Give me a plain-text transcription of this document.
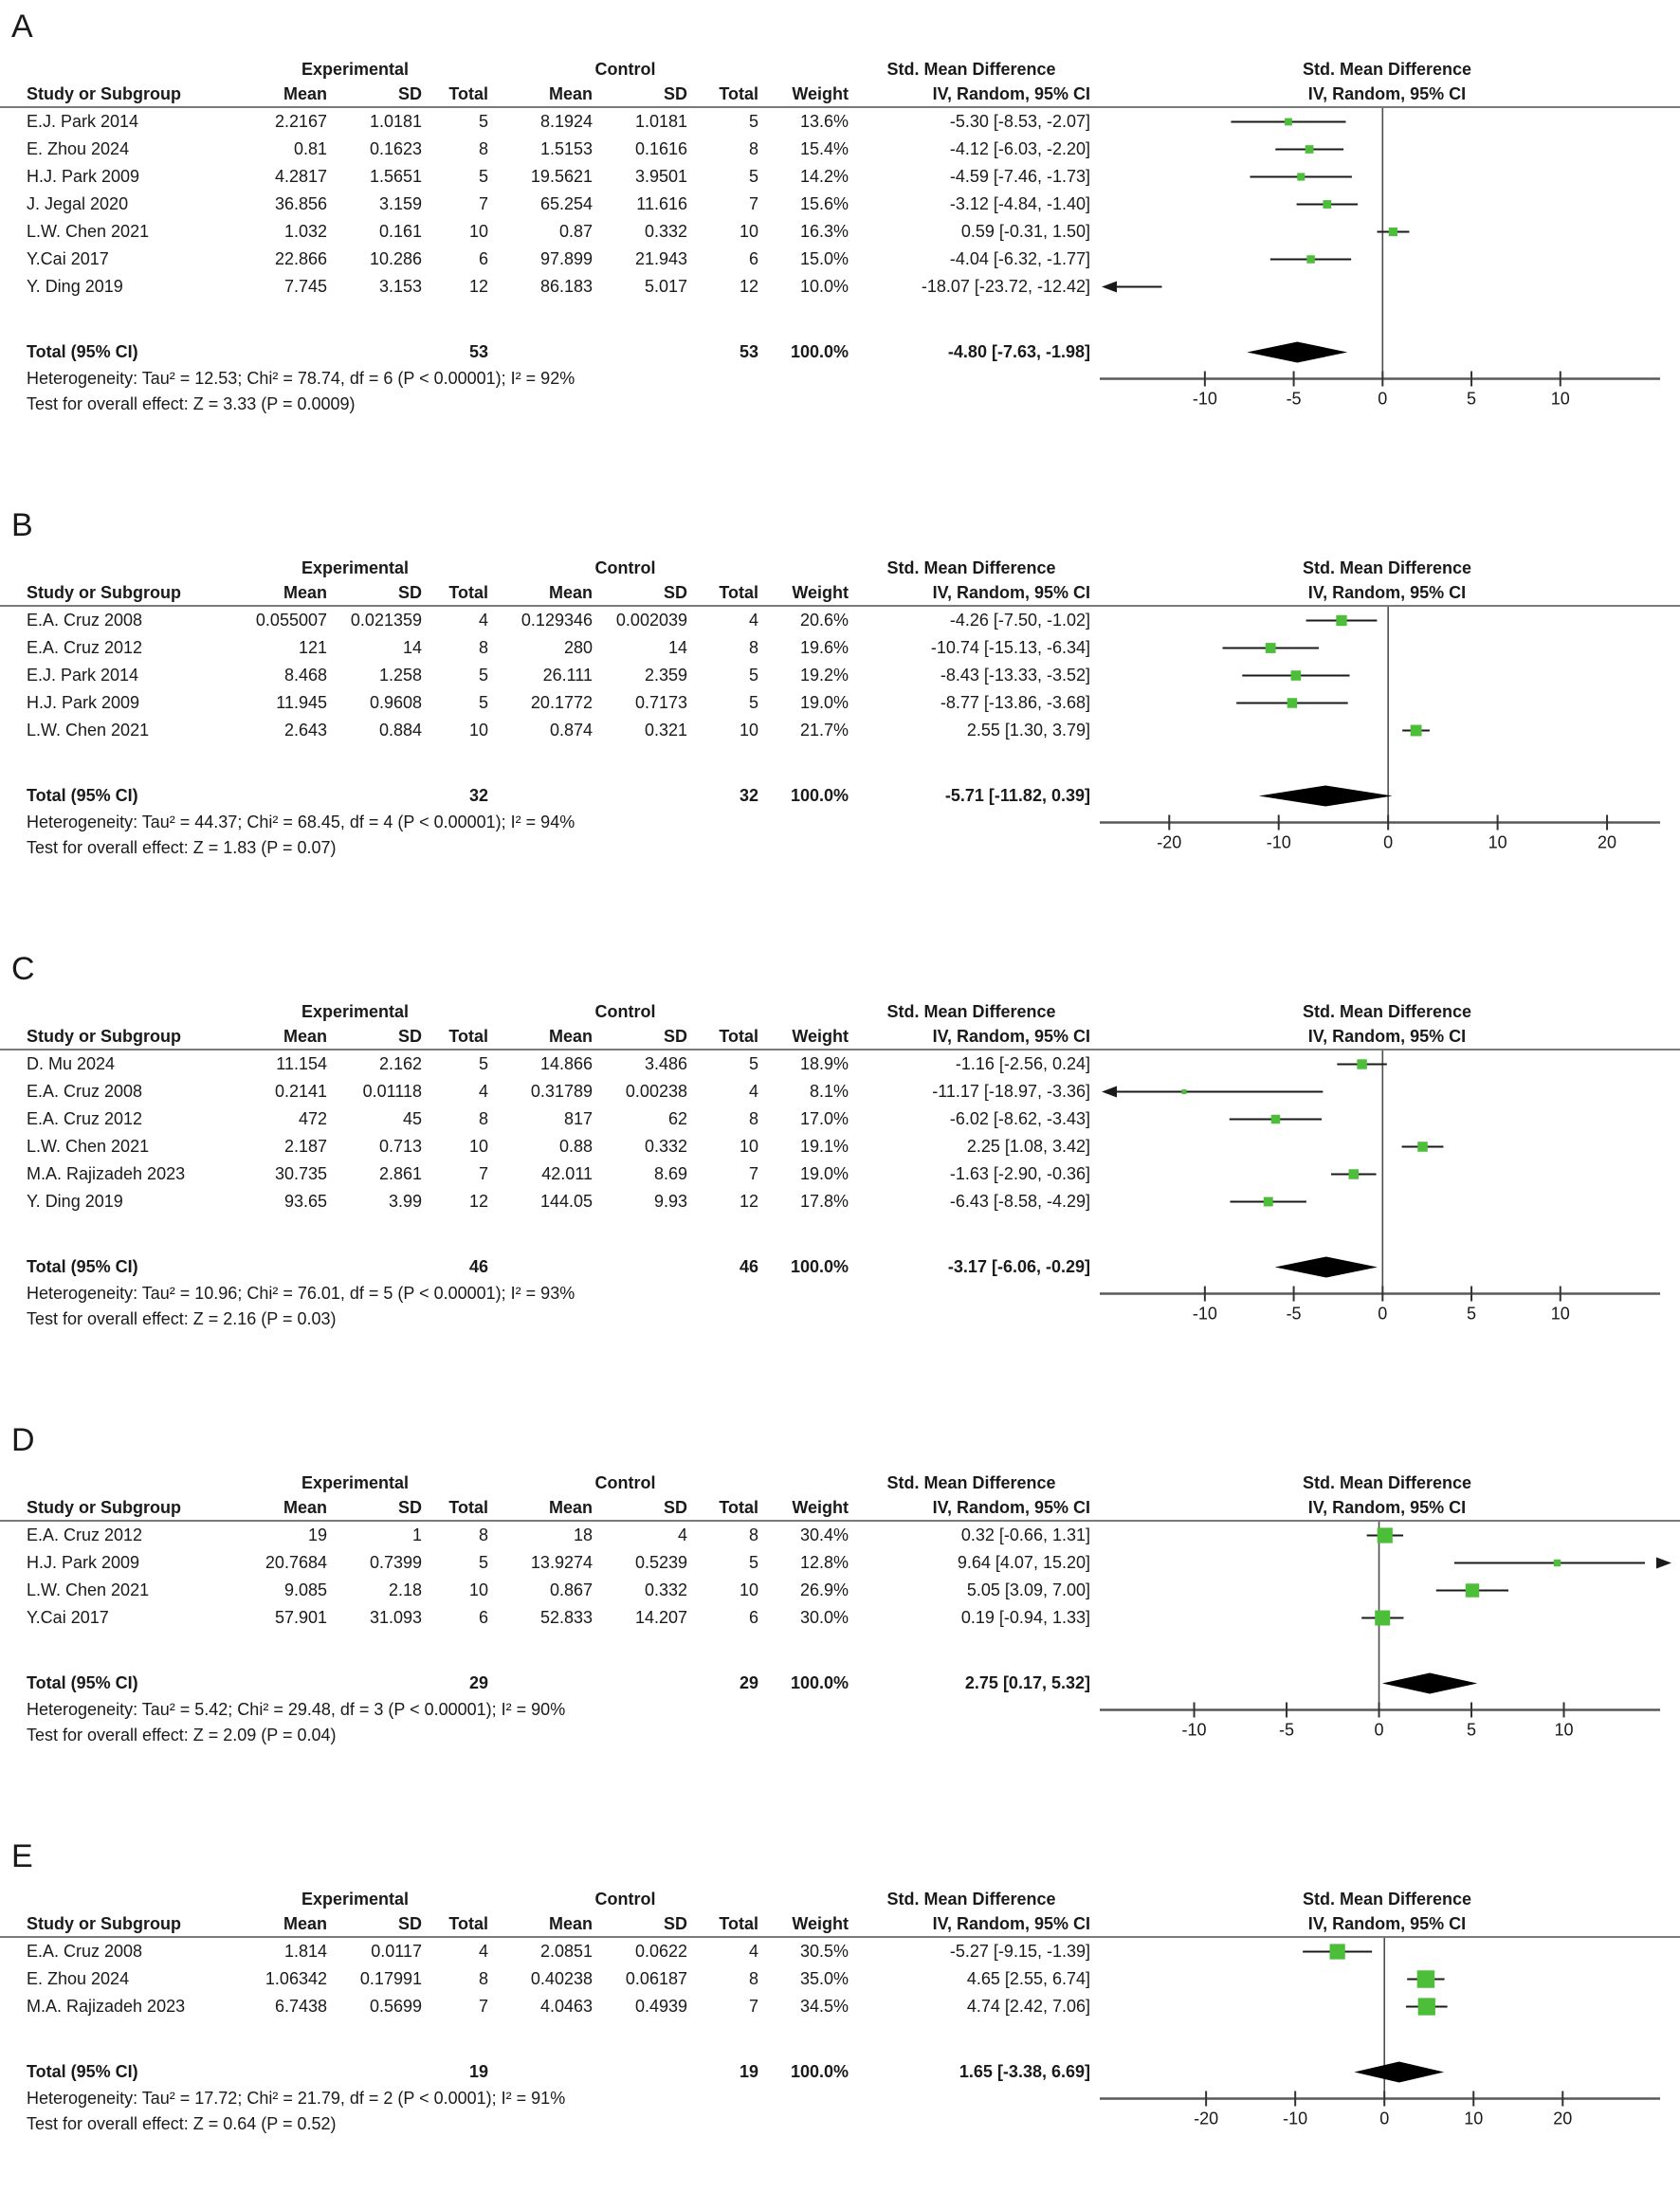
A
Experimental	Control	Std. Mean Difference	Std. Mean Difference
Study or Subgroup	Mean	SD	Total	Mean	SD	Total	Weight	IV, Random, 95% CI	IV, Random, 95% CI
E.J. Park 2014	2.2167	1.0181	5	8.1924	1.0181	5	13.6%	-5.30 [-8.53, -2.07]
E. Zhou 2024	0.81	0.1623	8	1.5153	0.1616	8	15.4%	-4.12 [-6.03, -2.20]
H.J. Park 2009	4.2817	1.5651	5	19.5621	3.9501	5	14.2%	-4.59 [-7.46, -1.73]
J. Jegal 2020	36.856	3.159	7	65.254	11.616	7	15.6%	-3.12 [-4.84, -1.40]
L.W. Chen 2021	1.032	0.161	10	0.87	0.332	10	16.3%	0.59 [-0.31, 1.50]
Y.Cai 2017	22.866	10.286	6	97.899	21.943	6	15.0%	-4.04 [-6.32, -1.77]
Y. Ding 2019	7.745	3.153	12	86.183	5.017	12	10.0%	-18.07 [-23.72, -12.42]
Total (95% CI)	53	53	100.0%	-4.80 [-7.63, -1.98]
Heterogeneity: Tau² = 12.53; Chi² = 78.74, df = 6 (P < 0.00001); I² = 92%
Test for overall effect: Z = 3.33 (P = 0.0009)	-10	-5	0	5	10
B
Experimental	Control	Std. Mean Difference	Std. Mean Difference
Study or Subgroup	Mean	SD	Total	Mean	SD	Total	Weight	IV, Random, 95% CI	IV, Random, 95% CI
E.A. Cruz 2008	0.055007	0.021359	4	0.129346	0.002039	4	20.6%	-4.26 [-7.50, -1.02]
E.A. Cruz 2012	121	14	8	280	14	8	19.6%	-10.74 [-15.13, -6.34]
E.J. Park 2014	8.468	1.258	5	26.111	2.359	5	19.2%	-8.43 [-13.33, -3.52]
H.J. Park 2009	11.945	0.9608	5	20.1772	0.7173	5	19.0%	-8.77 [-13.86, -3.68]
L.W. Chen 2021	2.643	0.884	10	0.874	0.321	10	21.7%	2.55 [1.30, 3.79]
Total (95% CI)	32	32	100.0%	-5.71 [-11.82, 0.39]
Heterogeneity: Tau² = 44.37; Chi² = 68.45, df = 4 (P < 0.00001); I² = 94%
Test for overall effect: Z = 1.83 (P = 0.07)	-20	-10	0	10	20
C
Experimental	Control	Std. Mean Difference	Std. Mean Difference
Study or Subgroup	Mean	SD	Total	Mean	SD	Total	Weight	IV, Random, 95% CI	IV, Random, 95% CI
D. Mu 2024	11.154	2.162	5	14.866	3.486	5	18.9%	-1.16 [-2.56, 0.24]
E.A. Cruz 2008	0.2141	0.01118	4	0.31789	0.00238	4	8.1%	-11.17 [-18.97, -3.36]
E.A. Cruz 2012	472	45	8	817	62	8	17.0%	-6.02 [-8.62, -3.43]
L.W. Chen 2021	2.187	0.713	10	0.88	0.332	10	19.1%	2.25 [1.08, 3.42]
M.A. Rajizadeh 2023	30.735	2.861	7	42.011	8.69	7	19.0%	-1.63 [-2.90, -0.36]
Y. Ding 2019	93.65	3.99	12	144.05	9.93	12	17.8%	-6.43 [-8.58, -4.29]
Total (95% CI)	46	46	100.0%	-3.17 [-6.06, -0.29]
Heterogeneity: Tau² = 10.96; Chi² = 76.01, df = 5 (P < 0.00001); I² = 93%
Test for overall effect: Z = 2.16 (P = 0.03)	-10	-5	0	5	10
D
Experimental	Control	Std. Mean Difference	Std. Mean Difference
Study or Subgroup	Mean	SD	Total	Mean	SD	Total	Weight	IV, Random, 95% CI	IV, Random, 95% CI
E.A. Cruz 2012	19	1	8	18	4	8	30.4%	0.32 [-0.66, 1.31]
H.J. Park 2009	20.7684	0.7399	5	13.9274	0.5239	5	12.8%	9.64 [4.07, 15.20]
L.W. Chen 2021	9.085	2.18	10	0.867	0.332	10	26.9%	5.05 [3.09, 7.00]
Y.Cai 2017	57.901	31.093	6	52.833	14.207	6	30.0%	0.19 [-0.94, 1.33]
Total (95% CI)	29	29	100.0%	2.75 [0.17, 5.32]
Heterogeneity: Tau² = 5.42; Chi² = 29.48, df = 3 (P < 0.00001); I² = 90%
Test for overall effect: Z = 2.09 (P = 0.04)	-10	-5	0	5	10
E
Experimental	Control	Std. Mean Difference	Std. Mean Difference
Study or Subgroup	Mean	SD	Total	Mean	SD	Total	Weight	IV, Random, 95% CI	IV, Random, 95% CI
E.A. Cruz 2008	1.814	0.0117	4	2.0851	0.0622	4	30.5%	-5.27 [-9.15, -1.39]
E. Zhou 2024	1.06342	0.17991	8	0.40238	0.06187	8	35.0%	4.65 [2.55, 6.74]
M.A. Rajizadeh 2023	6.7438	0.5699	7	4.0463	0.4939	7	34.5%	4.74 [2.42, 7.06]
Total (95% CI)	19	19	100.0%	1.65 [-3.38, 6.69]
Heterogeneity: Tau² = 17.72; Chi² = 21.79, df = 2 (P < 0.0001); I² = 91%
Test for overall effect: Z = 0.64 (P = 0.52)	-20	-10	0	10	20
